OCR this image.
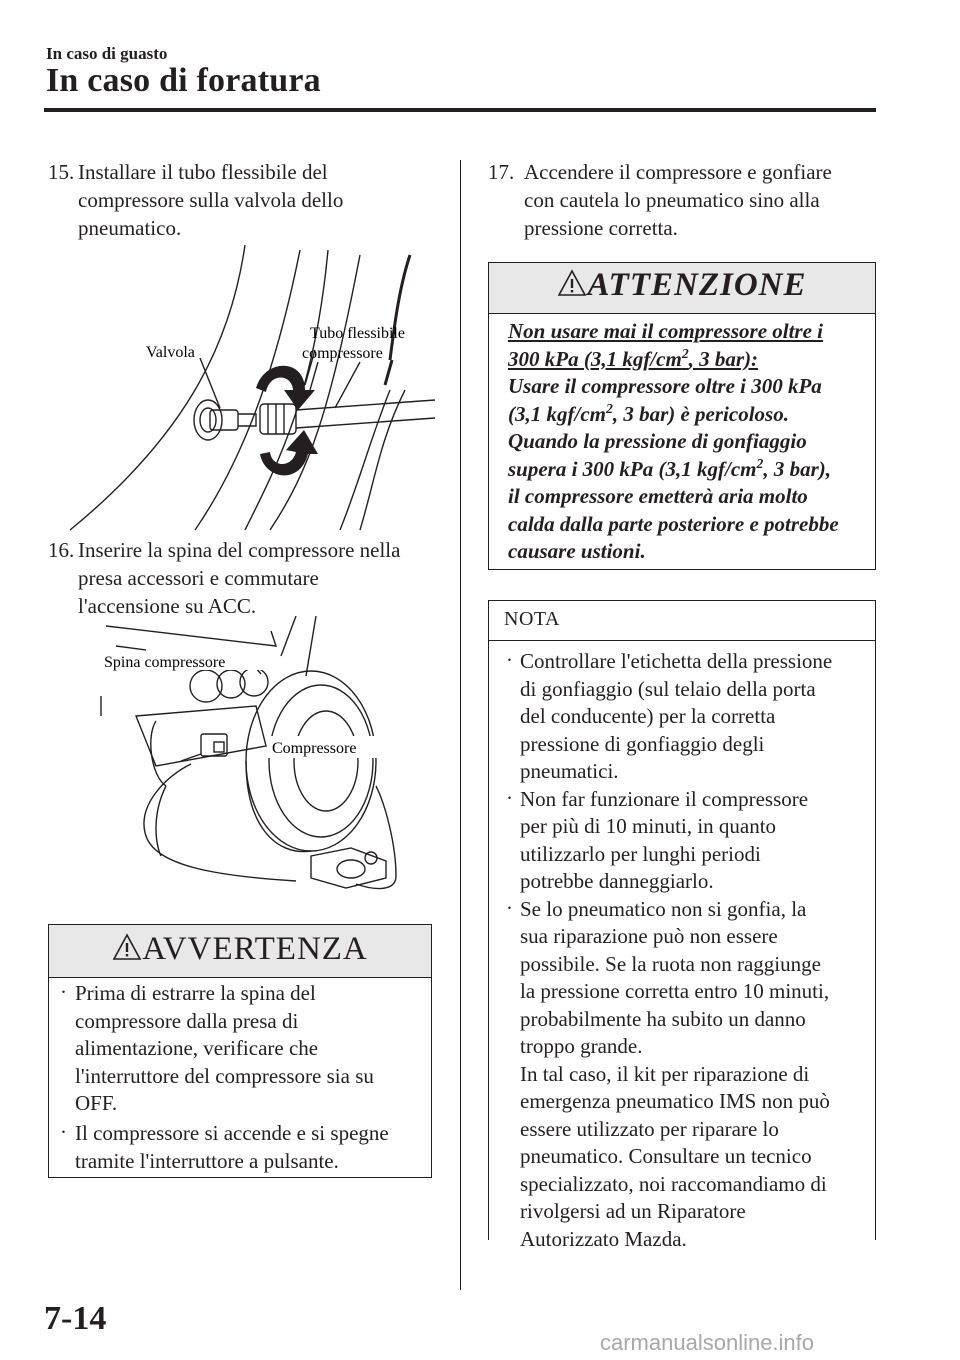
In caso di guasto
In caso di foratura
15. Installare il tubo flessibile del
compressore sulla valvola dello
pneumatico.
Valvola
Tubo flessibile
compressore
16. Inserire la spina del compressore nella
presa accessori e commutare
l'accensione su ACC.
Spina compressore
Compressore
AVVERTENZA
· Prima di estrarre la spina del
compressore dalla presa di
alimentazione, verificare che
l'interruttore del compressore sia su
OFF.
· Il compressore si accende e si spegne
tramite l'interruttore a pulsante.
17. Accendere il compressore e gonfiare
con cautela lo pneumatico sino alla
pressione corretta.
ATTENZIONE
Non usare mai il compressore oltre i
300 kPa (3,1 kgf/$cm^2$, 3 bar):
Usare il compressore oltre i 300 kPa
(3,1 kgf/$cm^2$, 3 bar) è pericoloso.
Quando la pressione di gonfiaggio
supera i 300 kPa (3,1 kgf/$cm^2$, 3 bar),
il compressore emetterà aria molto
calda dalla parte posteriore e potrebbe
causare ustioni.
NOTA
· Controllare l'etichetta della pressione
di gonfiaggio (sul telaio della porta
del conducente) per la corretta
pressione di gonfiaggio degli
pneumatici.
· Non far funzionare il compressore
per più di 10 minuti, in quanto
utilizzarlo per lunghi periodi
potrebbe danneggiarlo.
· Se lo pneumatico non si gonfia, la
sua riparazione può non essere
possibile. Se la ruota non raggiunge
la pressione corretta entro 10 minuti,
probabilmente ha subito un danno
troppo grande.
In tal caso, il kit per riparazione di
emergenza pneumatico IMS non può
essere utilizzato per riparare lo
pneumatico. Consultare un tecnico
specializzato, noi raccomandiamo di
rivolgersi ad un Riparatore
Autorizzato Mazda.
7-14
carmanualsonline.info
